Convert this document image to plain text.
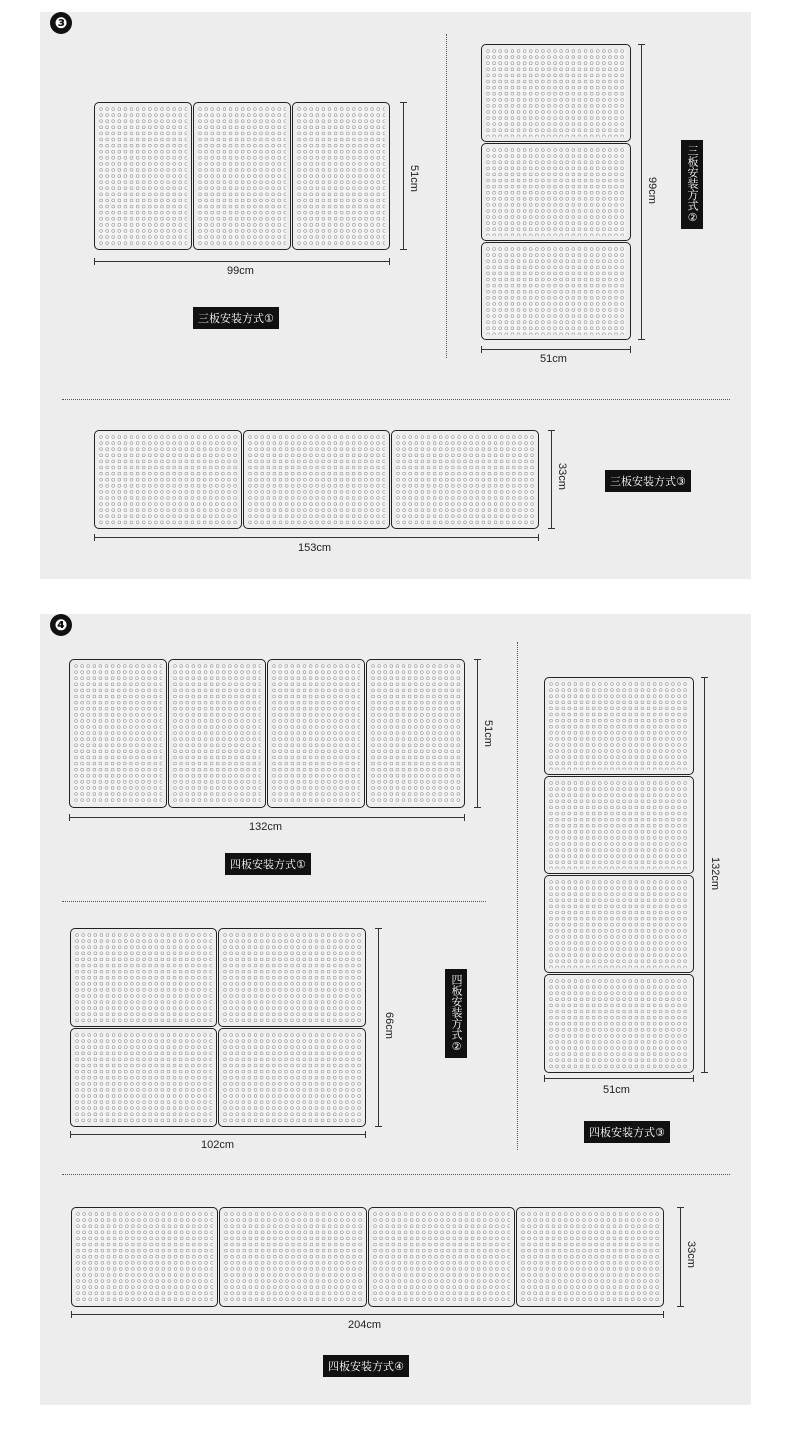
❸
51cm
99cm
三板安装方式①
99cm
51cm
三板安装方式②
33cm
153cm
三板安装方式③
❹
51cm
132cm
四板安装方式①
66cm
102cm
四板安装方式②
132cm
51cm
四板安装方式③
33cm
204cm
四板安装方式④
